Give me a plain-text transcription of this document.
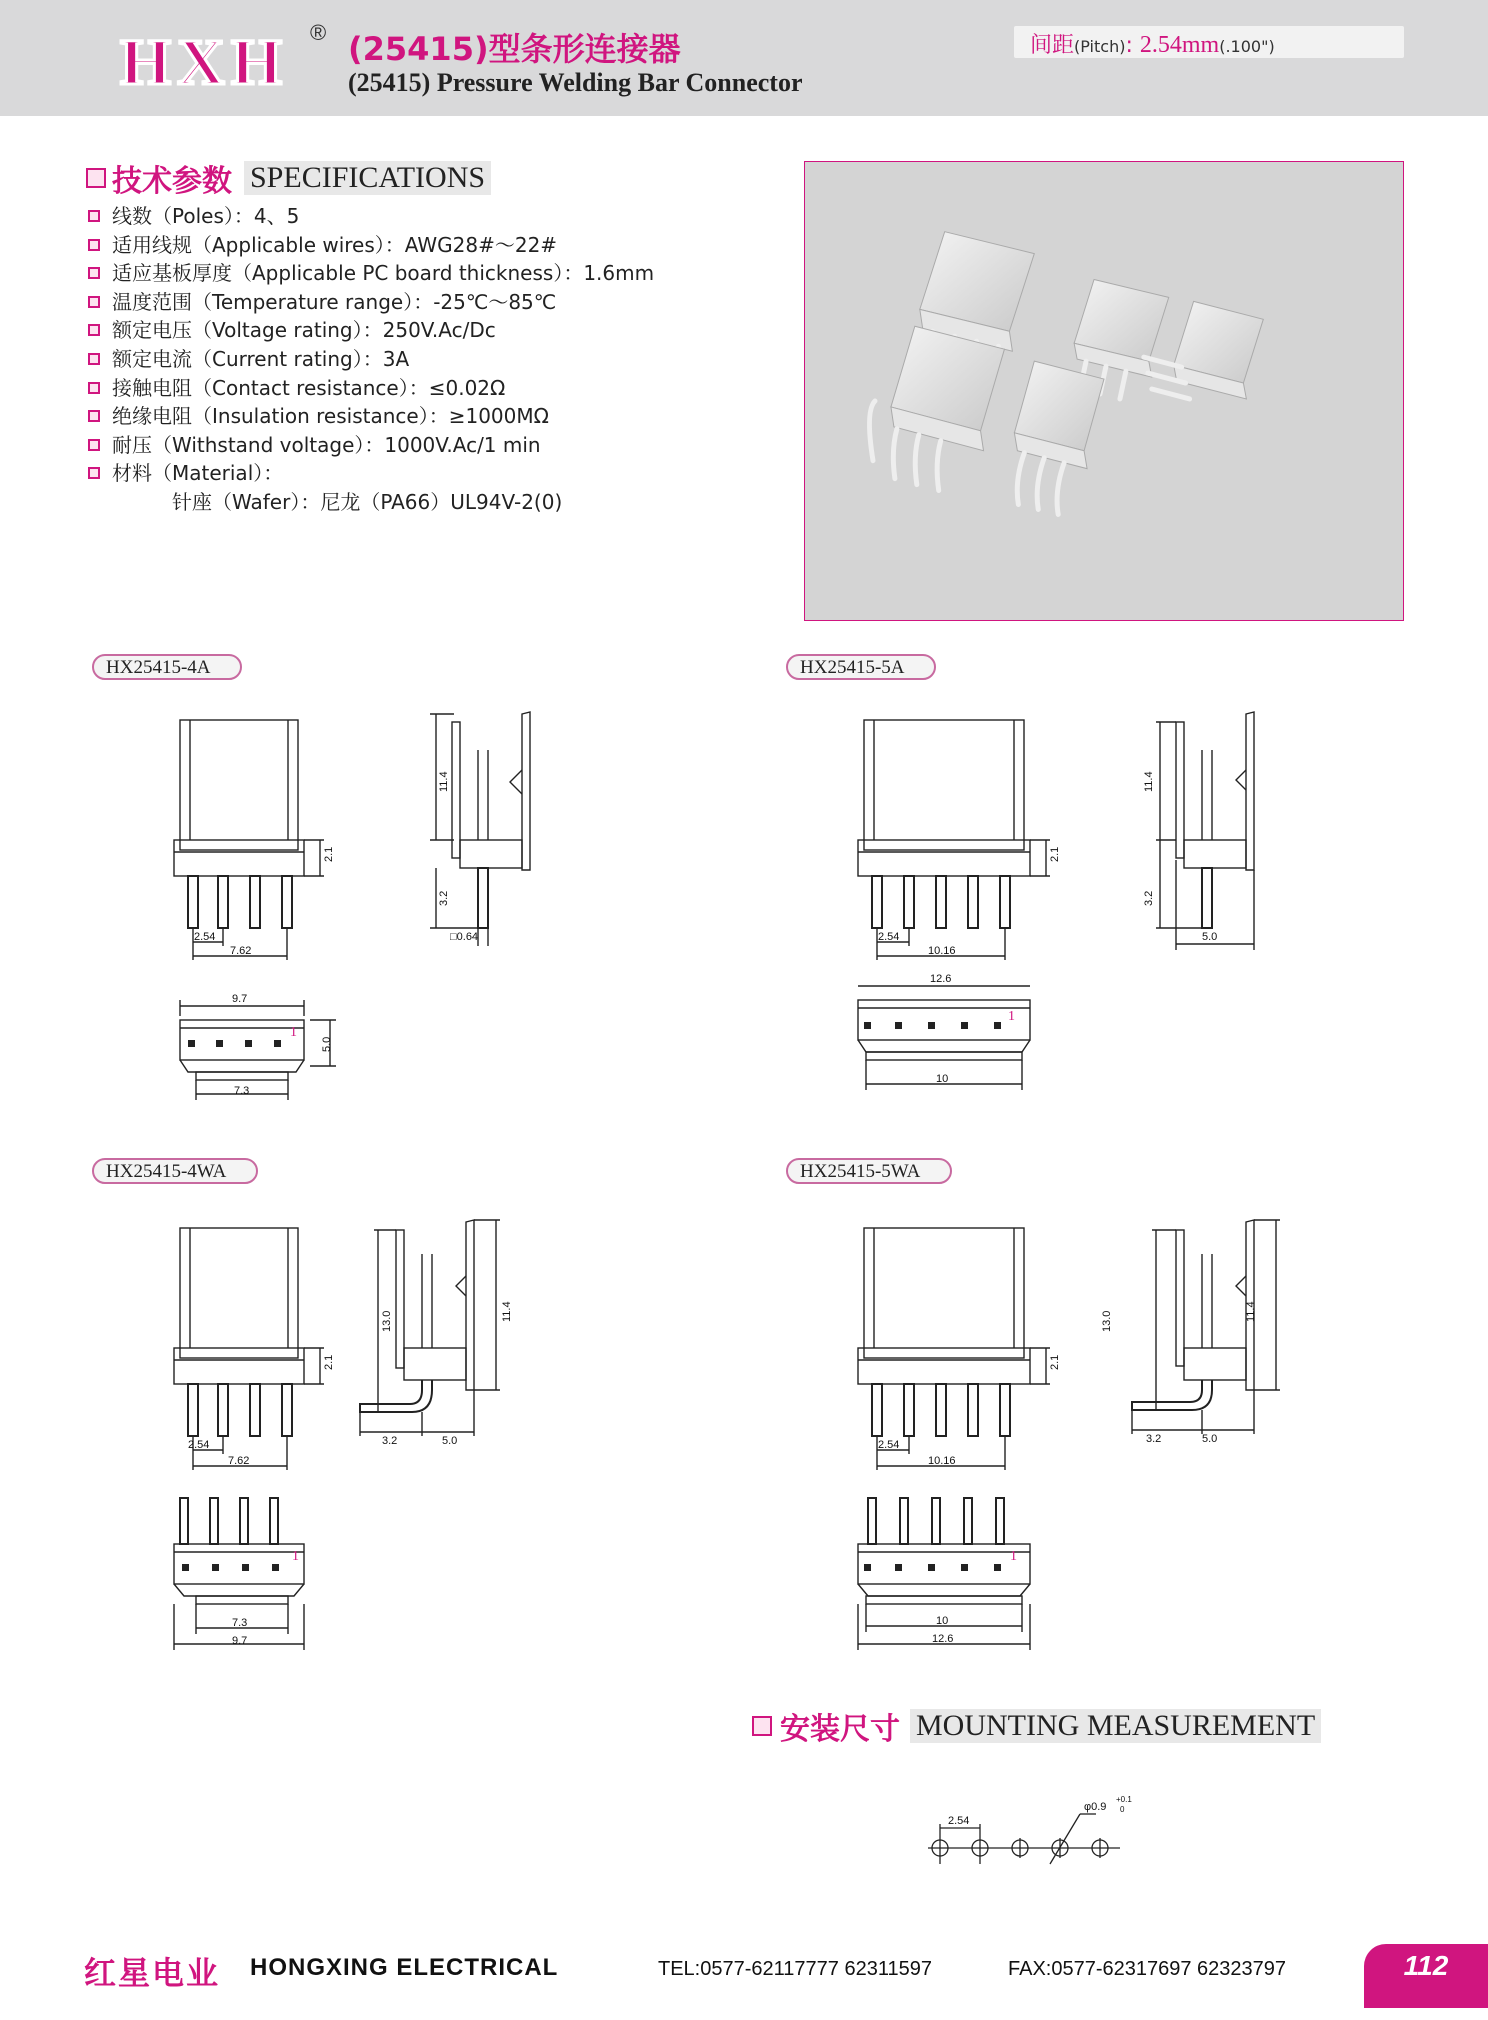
HXH ® (25415)型条形连接器
(25415) Pressure Welding Bar Connector
间距(Pitch): 2.54mm(.100")
技术参数 SPECIFICATIONS
线数（Poles）：4、5
适用线规（Applicable wires）：AWG28#～22#
适应基板厚度（Applicable PC board thickness）：1.6mm
温度范围（Temperature range）：-25℃～85℃
额定电压（Voltage rating）：250V.Ac/Dc
额定电流（Current rating）：3A
接触电阻（Contact resistance）：≤0.02Ω
绝缘电阻（Insulation resistance）：≥1000MΩ
耐压（Withstand voltage）：1000V.Ac/1 min
材料（Material）：
针座（Wafer）：尼龙（PA66）UL94V-2(0)
HX25415-4A	HX25415-5A
HX25415-4WA	HX25415-5WA
2.54
7.62
2.1
11.4
3.2
□0.64
9.7
7.3
5.0
1
2.54
10.16
2.1
11.4
3.2
5.0
12.6
10
1
2.54
7.62
2.1
13.0	11.4
3.2	5.0
7.3
9.7
1
2.54
10.16
2.1
13.0	11.4
3.2	5.0
10
12.6
1
安装尺寸 MOUNTING MEASUREMENT
2.54
φ0.9
+0.1
0
红星电业 HONGXING ELECTRICAL	TEL:0577-62117777 62311597	FAX:0577-62317697 62323797	112
